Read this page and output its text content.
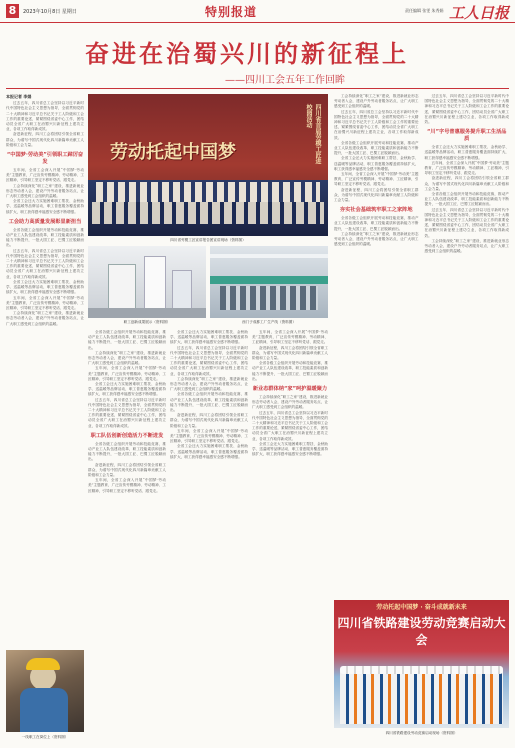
8	2023年10月8日 星期日	特别报道	责任编辑 张雯 朱秀娟 工人日报
奋进在治蜀兴川的新征程上
——四川工会五年工作回眸
本报记者 李娟

过去五年，四川省总工会坚持以习近平新时代中国特色社会主义思想为指导，全面贯彻党的二十大精神和习近平总书记关于工人阶级和工会工作的重要论述，紧紧围绕省委中心工作，团结动员全省广大职工在治蜀兴川新征程上建功立业，各项工作取得新成效。

奋进新征程，四川工会将团结引领全省职工群众，为谱写中国式现代化四川新篇章贡献工人阶级和工会力量。

“中国梦·劳动美”引领职工踔厉奋发

五年间，全省工会深入开展“中国梦·劳动美”主题教育，广泛宣传劳模精神、劳动精神、工匠精神，引导职工坚定不移听党话、跟党走。

工会持续深化“职工之家”建设，推进新就业形态劳动者入会，建设户外劳动者服务站点，让广大职工感受到工会组织的温暖。

全省工会还大力实施困难职工帮扶、金秋助学、送温暖等品牌活动，职工普惠服务覆盖面持续扩大，职工获得感幸福感安全感不断增强。

工会助力高质量发展彰显新担当

全省各级工会组织开展劳动和技能竞赛，推动产业工人队伍建设改革，职工技能素质和创新能力不断提升，一批大国工匠、巴蜀工匠脱颖而出。

过去五年，四川省总工会坚持以习近平新时代中国特色社会主义思想为指导，全面贯彻党的二十大精神和习近平总书记关于工人阶级和工会工作的重要论述，紧紧围绕省委中心工作，团结动员全省广大职工在治蜀兴川新征程上建功立业，各项工作取得新成效。

全省工会还大力实施困难职工帮扶、金秋助学、送温暖等品牌活动，职工普惠服务覆盖面持续扩大，职工获得感幸福感安全感不断增强。

五年间，全省工会深入开展“中国梦·劳动美”主题教育，广泛宣传劳模精神、劳动精神、工匠精神，引导职工坚定不移听党话、跟党走。

工会持续深化“职工之家”建设，推进新就业形态劳动者入会，建设户外劳动者服务站点，让广大职工感受到工会组织的温暖。

一线职工在岗位上（资料图）
劳动托起中国梦	四川省首届劳模工匠进校园活动
四川省劳模工匠宣讲报告团宣讲现场（资料图）
职工创新成果展示（资料图）	西门子成都工厂生产线（资料图）

全省各级工会组织开展劳动和技能竞赛，推动产业工人队伍建设改革，职工技能素质和创新能力不断提升，一批大国工匠、巴蜀工匠脱颖而出。

工会持续深化“职工之家”建设，推进新就业形态劳动者入会，建设户外劳动者服务站点，让广大职工感受到工会组织的温暖。

五年间，全省工会深入开展“中国梦·劳动美”主题教育，广泛宣传劳模精神、劳动精神、工匠精神，引导职工坚定不移听党话、跟党走。

全省工会还大力实施困难职工帮扶、金秋助学、送温暖等品牌活动，职工普惠服务覆盖面持续扩大，职工获得感幸福感安全感不断增强。

过去五年，四川省总工会坚持以习近平新时代中国特色社会主义思想为指导，全面贯彻党的二十大精神和习近平总书记关于工人阶级和工会工作的重要论述，紧紧围绕省委中心工作，团结动员全省广大职工在治蜀兴川新征程上建功立业，各项工作取得新成效。

职工队伍创新创造活力不断迸发

全省各级工会组织开展劳动和技能竞赛，推动产业工人队伍建设改革，职工技能素质和创新能力不断提升，一批大国工匠、巴蜀工匠脱颖而出。

奋进新征程，四川工会将团结引领全省职工群众，为谱写中国式现代化四川新篇章贡献工人阶级和工会力量。

五年间，全省工会深入开展“中国梦·劳动美”主题教育，广泛宣传劳模精神、劳动精神、工匠精神，引导职工坚定不移听党话、跟党走。

全省工会还大力实施困难职工帮扶、金秋助学、送温暖等品牌活动，职工普惠服务覆盖面持续扩大，职工获得感幸福感安全感不断增强。

过去五年，四川省总工会坚持以习近平新时代中国特色社会主义思想为指导，全面贯彻党的二十大精神和习近平总书记关于工人阶级和工会工作的重要论述，紧紧围绕省委中心工作，团结动员全省广大职工在治蜀兴川新征程上建功立业，各项工作取得新成效。

工会持续深化“职工之家”建设，推进新就业形态劳动者入会，建设户外劳动者服务站点，让广大职工感受到工会组织的温暖。

全省各级工会组织开展劳动和技能竞赛，推动产业工人队伍建设改革，职工技能素质和创新能力不断提升，一批大国工匠、巴蜀工匠脱颖而出。

奋进新征程，四川工会将团结引领全省职工群众，为谱写中国式现代化四川新篇章贡献工人阶级和工会力量。

五年间，全省工会深入开展“中国梦·劳动美”主题教育，广泛宣传劳模精神、劳动精神、工匠精神，引导职工坚定不移听党话、跟党走。

全省工会还大力实施困难职工帮扶、金秋助学、送温暖等品牌活动，职工普惠服务覆盖面持续扩大，职工获得感幸福感安全感不断增强。

五年间，全省工会深入开展“中国梦·劳动美”主题教育，广泛宣传劳模精神、劳动精神、工匠精神，引导职工坚定不移听党话、跟党走。

奋进新征程，四川工会将团结引领全省职工群众，为谱写中国式现代化四川新篇章贡献工人阶级和工会力量。

全省各级工会组织开展劳动和技能竞赛，推动产业工人队伍建设改革，职工技能素质和创新能力不断提升，一批大国工匠、巴蜀工匠脱颖而出。

新业态群体纳“家”呵护温暖聚力

工会持续深化“职工之家”建设，推进新就业形态劳动者入会，建设户外劳动者服务站点，让广大职工感受到工会组织的温暖。

过去五年，四川省总工会坚持以习近平新时代中国特色社会主义思想为指导，全面贯彻党的二十大精神和习近平总书记关于工人阶级和工会工作的重要论述，紧紧围绕省委中心工作，团结动员全省广大职工在治蜀兴川新征程上建功立业，各项工作取得新成效。

全省工会还大力实施困难职工帮扶、金秋助学、送温暖等品牌活动，职工普惠服务覆盖面持续扩大，职工获得感幸福感安全感不断增强。

工会持续深化“职工之家”建设，推进新就业形态劳动者入会，建设户外劳动者服务站点，让广大职工感受到工会组织的温暖。

过去五年，四川省总工会坚持以习近平新时代中国特色社会主义思想为指导，全面贯彻党的二十大精神和习近平总书记关于工人阶级和工会工作的重要论述，紧紧围绕省委中心工作，团结动员全省广大职工在治蜀兴川新征程上建功立业，各项工作取得新成效。

全省各级工会组织开展劳动和技能竞赛，推动产业工人队伍建设改革，职工技能素质和创新能力不断提升，一批大国工匠、巴蜀工匠脱颖而出。

全省工会还大力实施困难职工帮扶、金秋助学、送温暖等品牌活动，职工普惠服务覆盖面持续扩大，职工获得感幸福感安全感不断增强。

五年间，全省工会深入开展“中国梦·劳动美”主题教育，广泛宣传劳模精神、劳动精神、工匠精神，引导职工坚定不移听党话、跟党走。

奋进新征程，四川工会将团结引领全省职工群众，为谱写中国式现代化四川新篇章贡献工人阶级和工会力量。

夯实社会基础筑牢职工之家阵地

全省各级工会组织开展劳动和技能竞赛，推动产业工人队伍建设改革，职工技能素质和创新能力不断提升，一批大国工匠、巴蜀工匠脱颖而出。

工会持续深化“职工之家”建设，推进新就业形态劳动者入会，建设户外劳动者服务站点，让广大职工感受到工会组织的温暖。

过去五年，四川省总工会坚持以习近平新时代中国特色社会主义思想为指导，全面贯彻党的二十大精神和习近平总书记关于工人阶级和工会工作的重要论述，紧紧围绕省委中心工作，团结动员全省广大职工在治蜀兴川新征程上建功立业，各项工作取得新成效。

“川”字号普惠服务提升职工生活品质

全省工会还大力实施困难职工帮扶、金秋助学、送温暖等品牌活动，职工普惠服务覆盖面持续扩大，职工获得感幸福感安全感不断增强。

五年间，全省工会深入开展“中国梦·劳动美”主题教育，广泛宣传劳模精神、劳动精神、工匠精神，引导职工坚定不移听党话、跟党走。

奋进新征程，四川工会将团结引领全省职工群众，为谱写中国式现代化四川新篇章贡献工人阶级和工会力量。

全省各级工会组织开展劳动和技能竞赛，推动产业工人队伍建设改革，职工技能素质和创新能力不断提升，一批大国工匠、巴蜀工匠脱颖而出。

过去五年，四川省总工会坚持以习近平新时代中国特色社会主义思想为指导，全面贯彻党的二十大精神和习近平总书记关于工人阶级和工会工作的重要论述，紧紧围绕省委中心工作，团结动员全省广大职工在治蜀兴川新征程上建功立业，各项工作取得新成效。

工会持续深化“职工之家”建设，推进新就业形态劳动者入会，建设户外劳动者服务站点，让广大职工感受到工会组织的温暖。

劳动托起中国梦 · 奋斗成就新未来
四川省铁路建设劳动竞赛启动大会
四川省铁路建设劳动竞赛启动现场（资料图）
